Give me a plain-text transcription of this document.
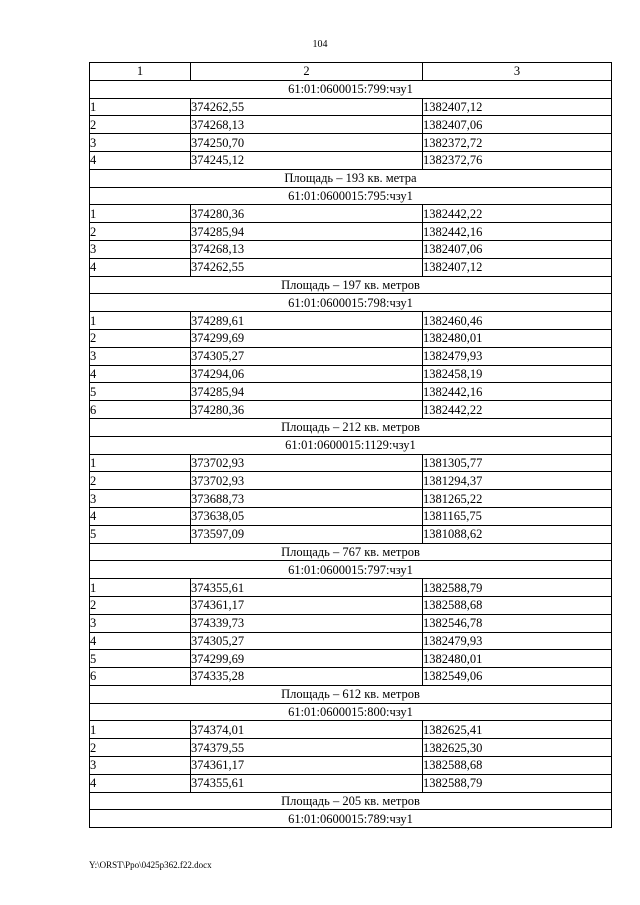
104
1	2	3
61:01:0600015:799:чзу1		
1	374262,55	1382407,12
2	374268,13	1382407,06
3	374250,70	1382372,72
4	374245,12	1382372,76
Площадь – 193 кв. метра		
61:01:0600015:795:чзу1		
1	374280,36	1382442,22
2	374285,94	1382442,16
3	374268,13	1382407,06
4	374262,55	1382407,12
Площадь – 197 кв. метров		
61:01:0600015:798:чзу1		
1	374289,61	1382460,46
2	374299,69	1382480,01
3	374305,27	1382479,93
4	374294,06	1382458,19
5	374285,94	1382442,16
6	374280,36	1382442,22
Площадь – 212 кв. метров		
61:01:0600015:1129:чзу1		
1	373702,93	1381305,77
2	373702,93	1381294,37
3	373688,73	1381265,22
4	373638,05	1381165,75
5	373597,09	1381088,62
Площадь – 767 кв. метров		
61:01:0600015:797:чзу1		
1	374355,61	1382588,79
2	374361,17	1382588,68
3	374339,73	1382546,78
4	374305,27	1382479,93
5	374299,69	1382480,01
6	374335,28	1382549,06
Площадь – 612 кв. метров		
61:01:0600015:800:чзу1		
1	374374,01	1382625,41
2	374379,55	1382625,30
3	374361,17	1382588,68
4	374355,61	1382588,79
Площадь – 205 кв. метров		
61:01:0600015:789:чзу1		
Y:\ORST\Ppo\0425p362.f22.docx
